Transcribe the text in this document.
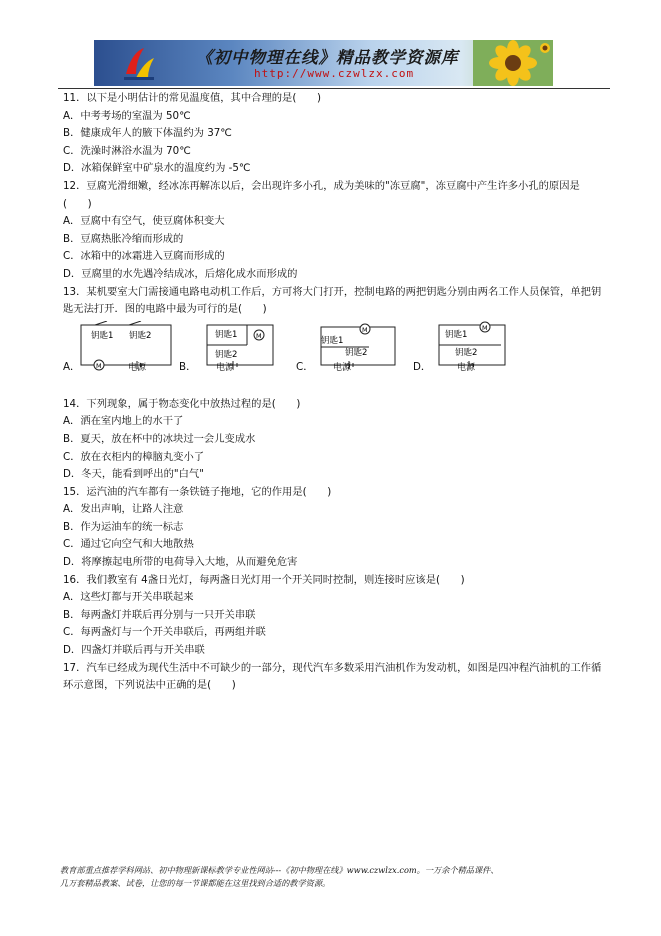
《初中物理在线》精品教学资源库
http://www.czwlzx.com

11．以下是小明估计的常见温度值，其中合理的是(　　)

A．中考考场的室温为 50℃

B．健康成年人的腋下体温约为 37℃

C．洗澡时淋浴水温为 70℃

D．冰箱保鲜室中矿泉水的温度约为 -5℃

12．豆腐光滑细嫩，经冰冻再解冻以后，会出现许多小孔，成为美味的"冻豆腐"，冻豆腐中产生许多小孔的原因是(　　)

A．豆腐中有空气，使豆腐体积变大

B．豆腐热胀冷缩而形成的

C．冰箱中的冰霜进入豆腐而形成的

D．豆腐里的水先遇冷结成冰，后熔化成水而形成的

13．某机要室大门需接通电路电动机工作后，方可将大门打开，控制电路的两把钥匙分别由两名工作人员保管，单把钥匙无法打开．图的电路中最为可行的是(　　)

A．
钥匙1 钥匙2
M	电源	B．
钥匙1
钥匙2
M
电源	C．
M
钥匙1
钥匙2
电源	D．
钥匙1
钥匙2
M
电源

14．下列现象，属于物态变化中放热过程的是(　　)

A．洒在室内地上的水干了

B．夏天，放在杯中的冰块过一会儿变成水

C．放在衣柜内的樟脑丸变小了

D．冬天，能看到呼出的"白气"

15．运汽油的汽车都有一条铁链子拖地，它的作用是(　　)

A．发出声响，让路人注意

B．作为运油车的统一标志

C．通过它向空气和大地散热

D．将摩擦起电所带的电荷导入大地，从而避免危害

16．我们教室有 4盏日光灯，每两盏日光灯用一个开关同时控制，则连接时应该是(　　)

A．这些灯都与开关串联起来

B．每两盏灯并联后再分别与一只开关串联

C．每两盏灯与一个开关串联后，再两组并联

D．四盏灯并联后再与开关串联

17．汽车已经成为现代生活中不可缺少的一部分，现代汽车多数采用汽油机作为发动机，如图是四冲程汽油机的工作循环示意图，下列说法中正确的是(　　)

教育部重点推荐学科网站、初中物理新课标教学专业性网站---《初中物理在线》www.czwlzx.com。一万余个精品课件、
几万套精品教案、试卷，让您的每一节课都能在这里找到合适的教学资源。
